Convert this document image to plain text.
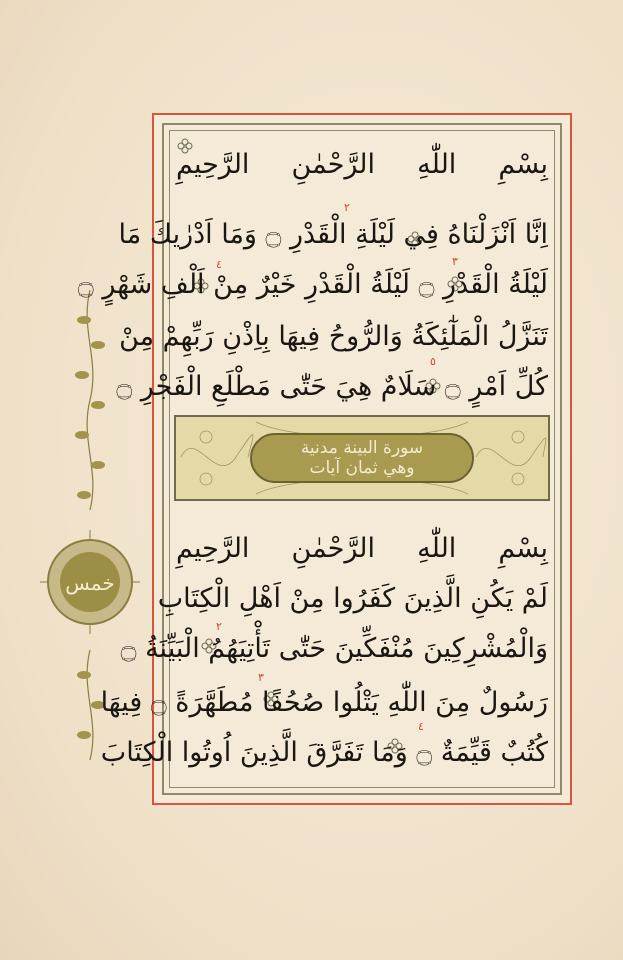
خمس
٢
٣
٤
٥
٢
٣
٤
بِسْمِ اللّٰهِ الرَّحْمٰنِ الرَّحِيمِ
اِنَّا اَنْزَلْنَاهُ فِي لَيْلَةِ الْقَدْرِ ۝ وَمَا اَدْرٰيكَ مَا
لَيْلَةُ الْقَدْرِ ۝ لَيْلَةُ الْقَدْرِ خَيْرٌ مِنْ اَلْفِ شَهْرٍ ۝
تَنَزَّلُ الْمَلٰٓئِكَةُ وَالرُّوحُ فِيهَا بِاِذْنِ رَبِّهِمْ مِنْ
كُلِّ اَمْرٍ ۝ سَلَامٌ هِيَ حَتّٰى مَطْلَعِ الْفَجْرِ ۝
سورة البينة مدنية
وهي ثمان آيات
بِسْمِ اللّٰهِ الرَّحْمٰنِ الرَّحِيمِ
لَمْ يَكُنِ الَّذِينَ كَفَرُوا مِنْ اَهْلِ الْكِتَابِ
وَالْمُشْرِكِينَ مُنْفَكِّينَ حَتّٰى تَأْتِيَهُمُ الْبَيِّنَةُ ۝
رَسُولٌ مِنَ اللّٰهِ يَتْلُوا صُحُفًا مُطَهَّرَةً ۝ فِيهَا
كُتُبٌ قَيِّمَةٌ ۝ وَمَا تَفَرَّقَ الَّذِينَ اُوتُوا الْكِتَابَ
